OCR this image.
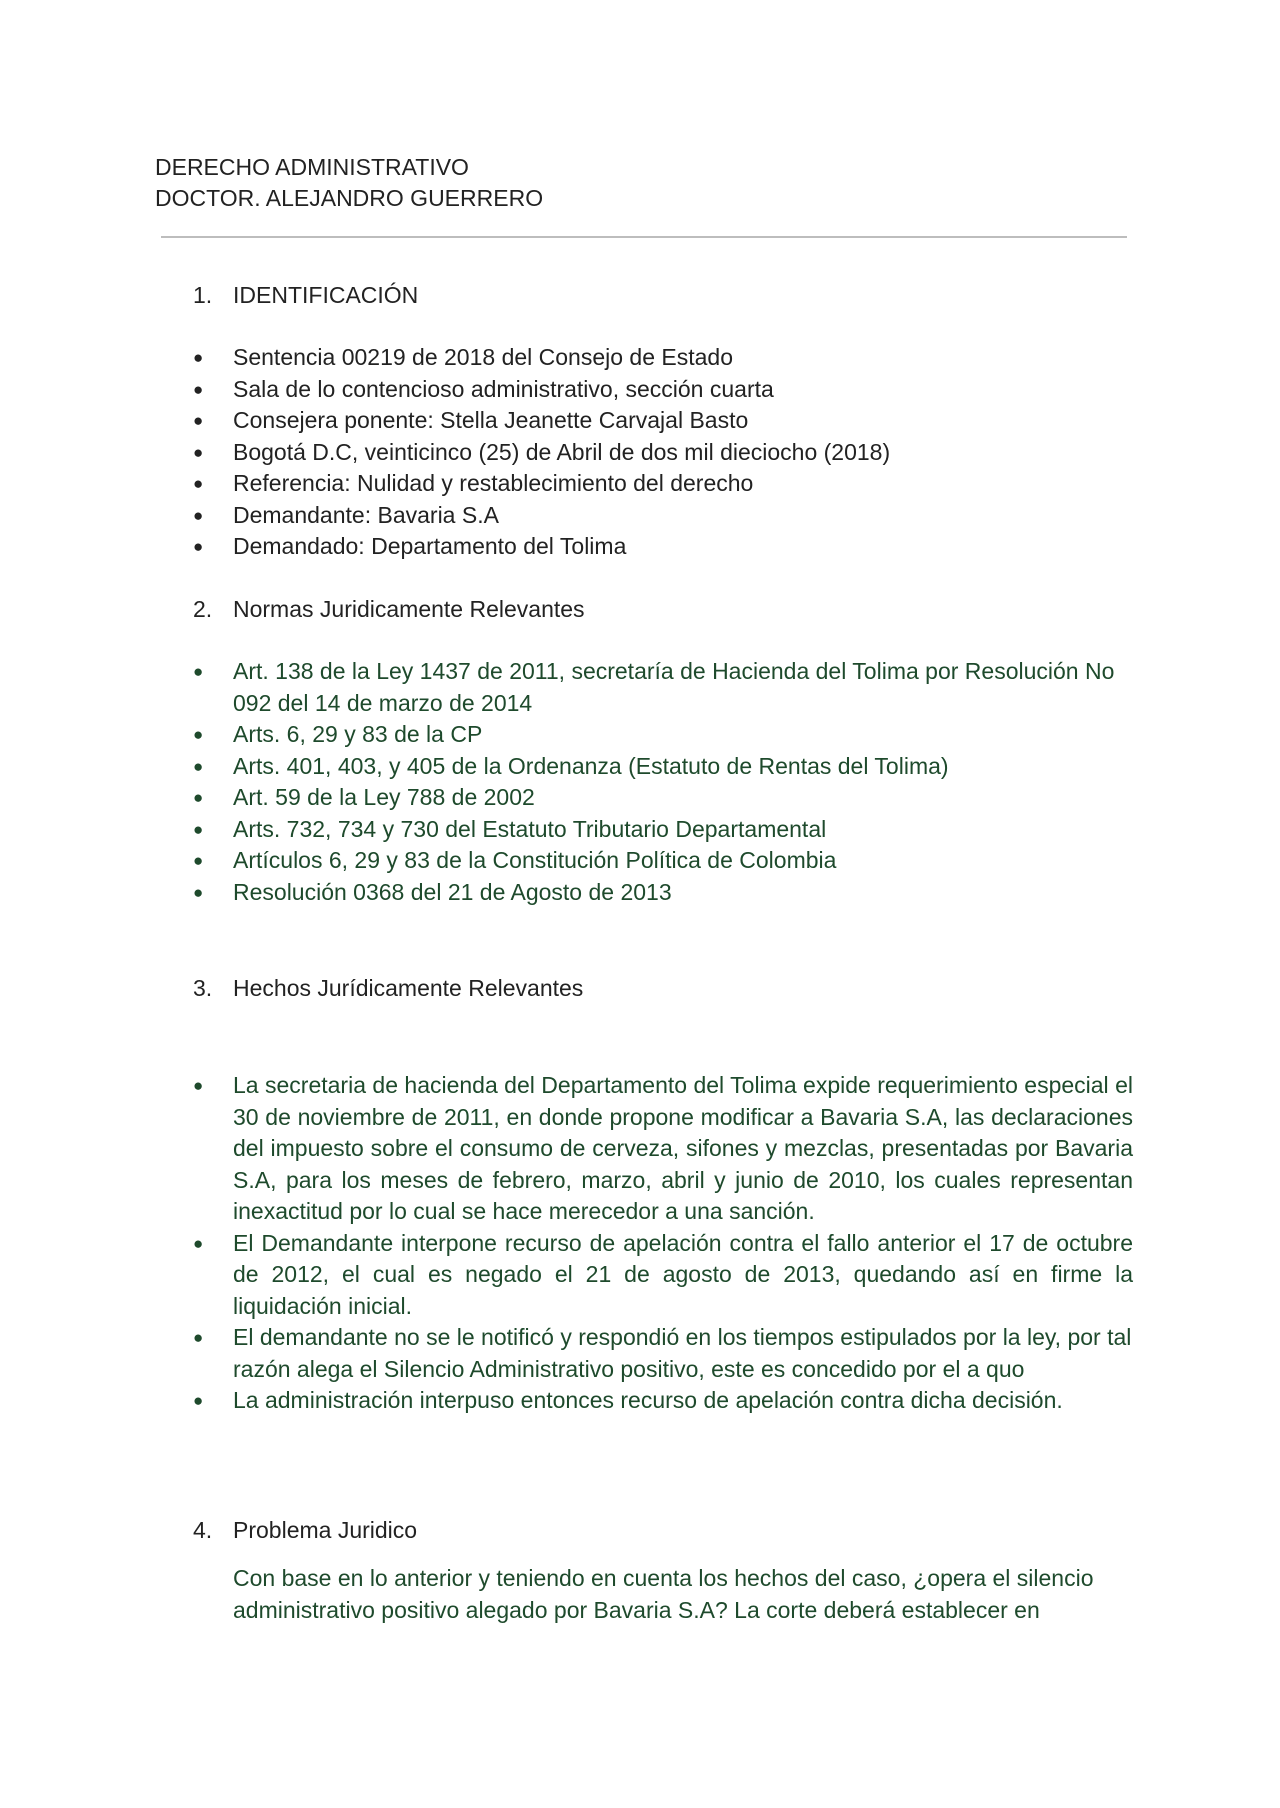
DERECHO ADMINISTRATIVO
DOCTOR. ALEJANDRO GUERRERO
1. IDENTIFICACIÓN
● Sentencia 00219 de 2018 del Consejo de Estado
● Sala de lo contencioso administrativo, sección cuarta
● Consejera ponente: Stella Jeanette Carvajal Basto
● Bogotá D.C, veinticinco (25) de Abril de dos mil dieciocho (2018)
● Referencia: Nulidad y restablecimiento del derecho
● Demandante: Bavaria S.A
● Demandado: Departamento del Tolima
2. Normas Juridicamente Relevantes
● Art. 138 de la Ley 1437 de 2011, secretaría de Hacienda del Tolima por Resolución No 092 del 14 de marzo de 2014
● Arts. 6, 29 y 83 de la CP
● Arts. 401, 403, y 405 de la Ordenanza (Estatuto de Rentas del Tolima)
● Art. 59 de la Ley 788 de 2002
● Arts. 732, 734 y 730 del Estatuto Tributario Departamental
● Artículos 6, 29 y 83 de la Constitución Política de Colombia
● Resolución 0368 del 21 de Agosto de 2013
3. Hechos Jurídicamente Relevantes
● La secretaria de hacienda del Departamento del Tolima expide requerimiento especial el 30 de noviembre de 2011, en donde propone modificar a Bavaria S.A, las declaraciones del impuesto sobre el consumo de cerveza, sifones y mezclas, presentadas por Bavaria S.A, para los meses de febrero, marzo, abril y junio de 2010, los cuales representan inexactitud por lo cual se hace merecedor a una sanción.
● El Demandante interpone recurso de apelación contra el fallo anterior el 17 de octubre de 2012, el cual es negado el 21 de agosto de 2013, quedando así en firme la liquidación inicial.
● El demandante no se le notificó y respondió en los tiempos estipulados por la ley, por tal razón alega el Silencio Administrativo positivo, este es concedido por el a quo
● La administración interpuso entonces recurso de apelación contra dicha decisión.
4. Problema Juridico

Con base en lo anterior y teniendo en cuenta los hechos del caso, ¿opera el silencio administrativo positivo alegado por Bavaria S.A? La corte deberá establecer en
